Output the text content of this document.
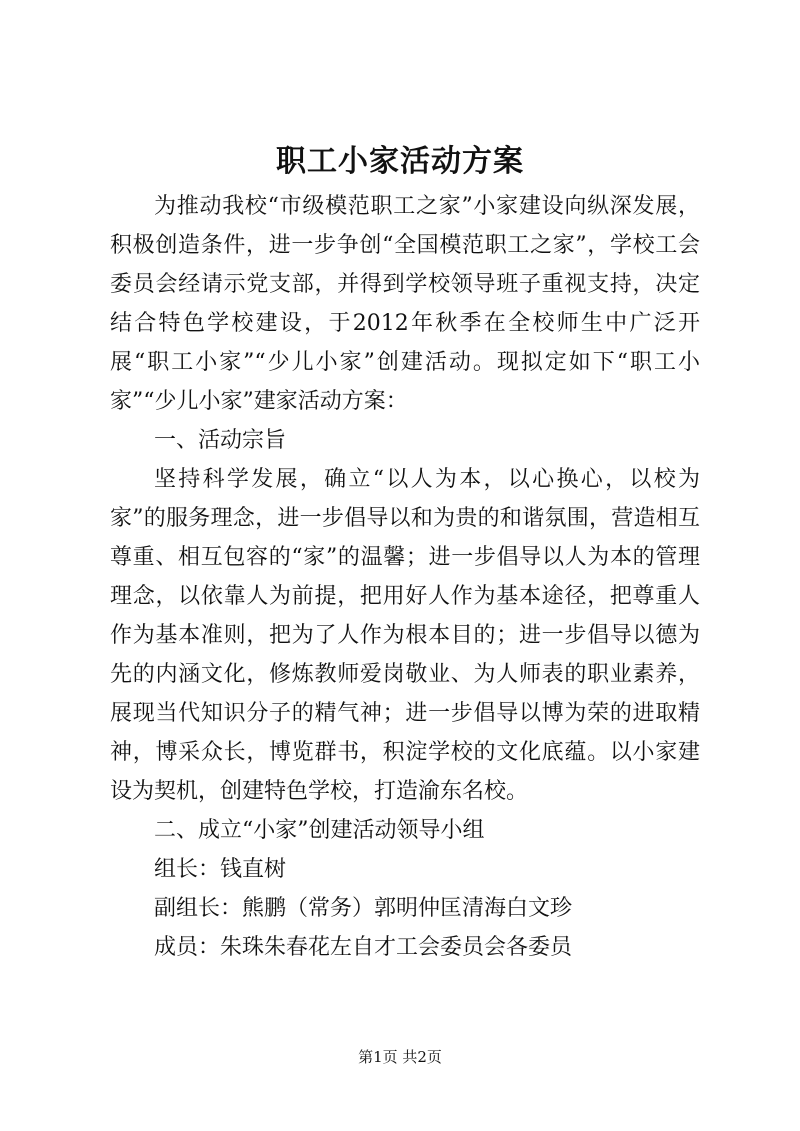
职工小家活动方案

为推动我校“市级模范职工之家”小家建设向纵深发展，积极创造条件，进一步争创“全国模范职工之家”，学校工会委员会经请示党支部，并得到学校领导班子重视支持，决定结合特色学校建设，于2012年秋季在全校师生中广泛开展“职工小家”“少儿小家”创建活动。现拟定如下“职工小家”“少儿小家”建家活动方案：

一、活动宗旨

坚持科学发展，确立“以人为本，以心换心，以校为家”的服务理念，进一步倡导以和为贵的和谐氛围，营造相互尊重、相互包容的“家”的温馨；进一步倡导以人为本的管理理念，以依靠人为前提，把用好人作为基本途径，把尊重人作为基本准则，把为了人作为根本目的；进一步倡导以德为先的内涵文化，修炼教师爱岗敬业、为人师表的职业素养，展现当代知识分子的精气神；进一步倡导以博为荣的进取精神，博采众长，博览群书，积淀学校的文化底蕴。以小家建设为契机，创建特色学校，打造渝东名校。

二、成立“小家”创建活动领导小组

组长：钱直树

副组长：熊鹏（常务）郭明仲匡清海白文珍

成员：朱珠朱春花左自才工会委员会各委员

第1页 共2页
